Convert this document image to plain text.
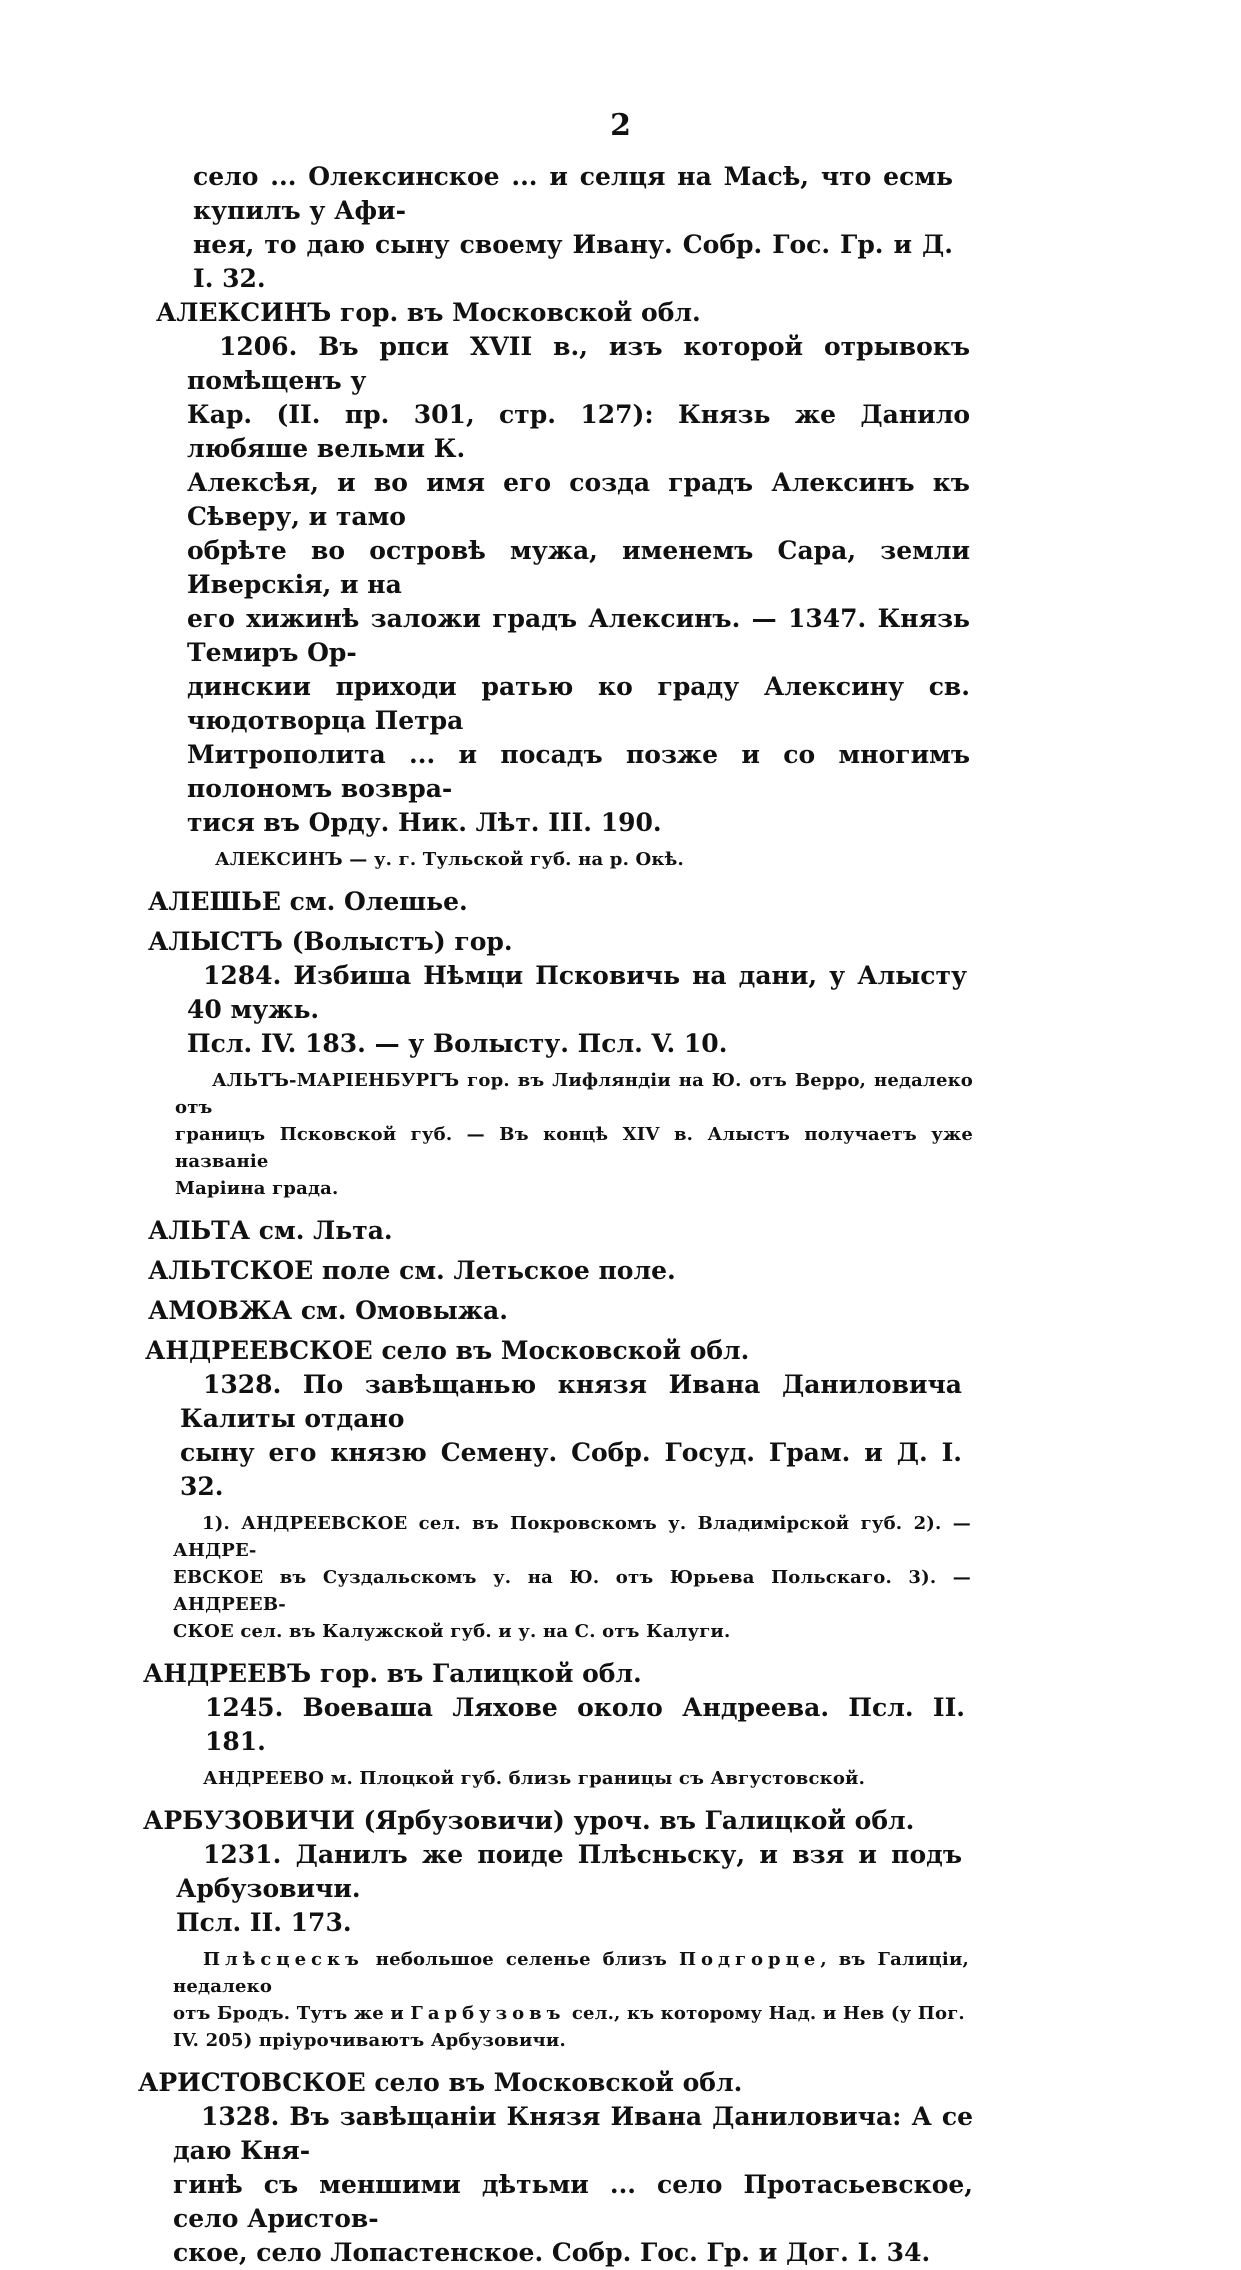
2

село ... Олексинское ... и селця на Масѣ, что есмь купилъ у Афи-

нея, то даю сыну своему Ивану. Собр. Гос. Гр. и Д. I. 32.

АЛЕКСИНЪ гор. въ Московской обл.

1206. Въ рпси XVII в., изъ которой отрывокъ помѣщенъ у

Кар. (II. пр. 301, стр. 127): Князь же Данило любяше вельми К.

Алексѣя, и во имя его созда градъ Алексинъ къ Сѣверу, и тамо

обрѣте во островѣ мужа, именемъ Сара, земли Иверскія, и на

его хижинѣ заложи градъ Алексинъ. — 1347. Князь Темиръ Ор-

динскии приходи ратью ко граду Алексину св. чюдотворца Петра

Митрополита ... и посадъ позже и со многимъ полономъ возвра-

тися въ Орду. Ник. Лѣт. III. 190.

АЛЕКСИНЪ — у. г. Тульской губ. на р. Окѣ.

АЛЕШЬЕ см. Олешье.

АЛЫСТЪ (Волыстъ) гор.

1284. Избиша Нѣмци Псковичь на дани, у Алысту 40 мужь.

Псл. IV. 183. — у Волысту. Псл. V. 10.

АЛЬТЪ-МАРІЕНБУРГЪ гор. въ Лифляндіи на Ю. отъ Верро, недалеко отъ

границъ Псковской губ. — Въ концѣ XIV в. Алыстъ получаетъ уже названіе

Маріина града.

АЛЬТА см. Льта.

АЛЬТСКОЕ поле см. Летьское поле.

АМОВЖА см. Омовыжа.

АНДРЕЕВСКОЕ село въ Московской обл.

1328. По завѣщанью князя Ивана Даниловича Калиты отдано

сыну его князю Семену. Собр. Госуд. Грам. и Д. I. 32.

1). АНДРЕЕВСКОЕ сел. въ Покровскомъ у. Владимірской губ. 2). — АНДРЕ-

ЕВСКОЕ въ Суздальскомъ у. на Ю. отъ Юрьева Польскаго. 3). — АНДРЕЕВ-

СКОЕ сел. въ Калужской губ. и у. на С. отъ Калуги.

АНДРЕЕВЪ гор. въ Галицкой обл.

1245. Воеваша Ляхове около Андреева. Псл. II. 181.

АНДРЕЕВО м. Плоцкой губ. близь границы съ Августовской.

АРБУЗОВИЧИ (Ярбузовичи) уроч. въ Галицкой обл.

1231. Данилъ же поиде Плѣсньску, и взя и подъ Арбузовичи.

Псл. II. 173.

Плѣсцескъ небольшое селенье близъ Подгорце, въ Галиціи, недалеко

отъ Бродъ. Тутъ же и Гарбузовъ сел., къ которому Над. и Нев (у Пог.

IV. 205) пріурочиваютъ Арбузовичи.

АРИСТОВСКОЕ село въ Московской обл.

1328. Въ завѣщаніи Князя Ивана Даниловича: А се даю Кня-

гинѣ съ меншими дѣтьми ... село Протасьевское, село Аристов-

ское, село Лопастенское. Собр. Гос. Гр. и Дог. I. 34.
